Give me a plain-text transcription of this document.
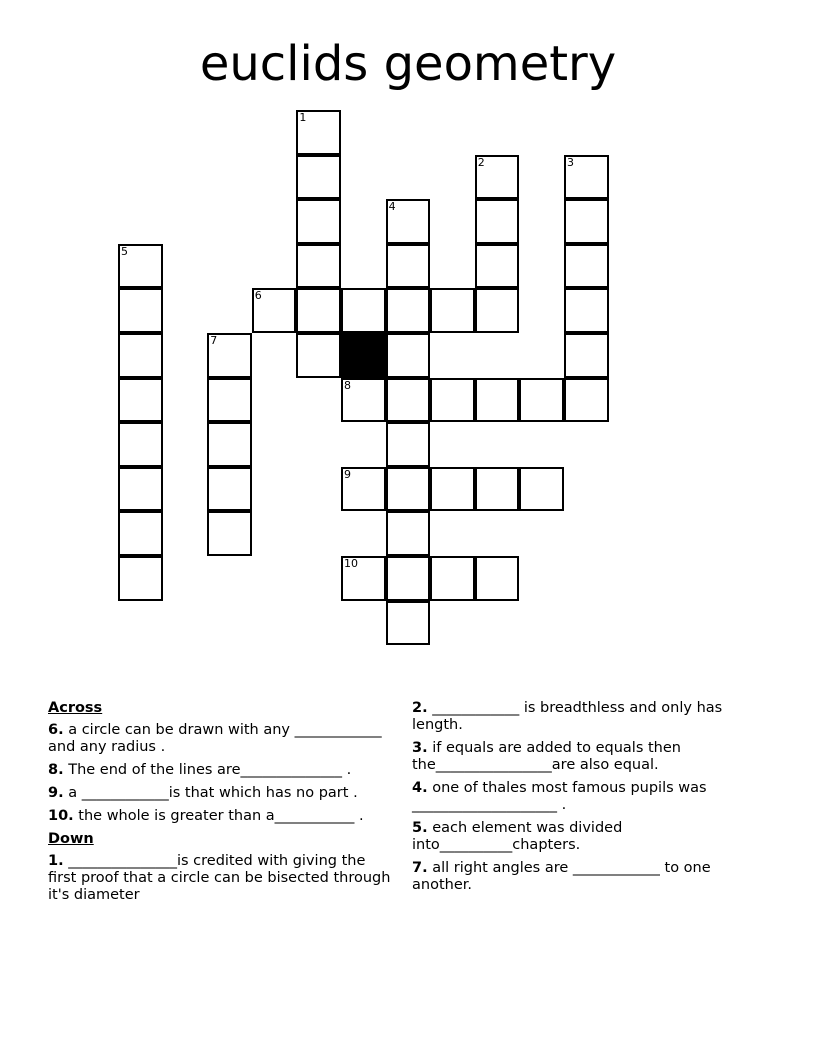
euclids geometry
1
2	3
4
5
6
7
8
9
10
Across
6. a circle can be drawn with any ____________ and any radius .
8. The end of the lines are______________ .
9. a ____________is that which has no part .
10. the whole is greater than a___________ .
Down
1. _______________is credited with giving the first proof that a circle can be bisected through it's diameter
2. ____________ is breadthless and only has length.
3. if equals are added to equals then the________________are also equal.
4. one of thales most famous pupils was ____________________ .
5. each element was divided into__________chapters.
7. all right angles are ____________ to one another.
